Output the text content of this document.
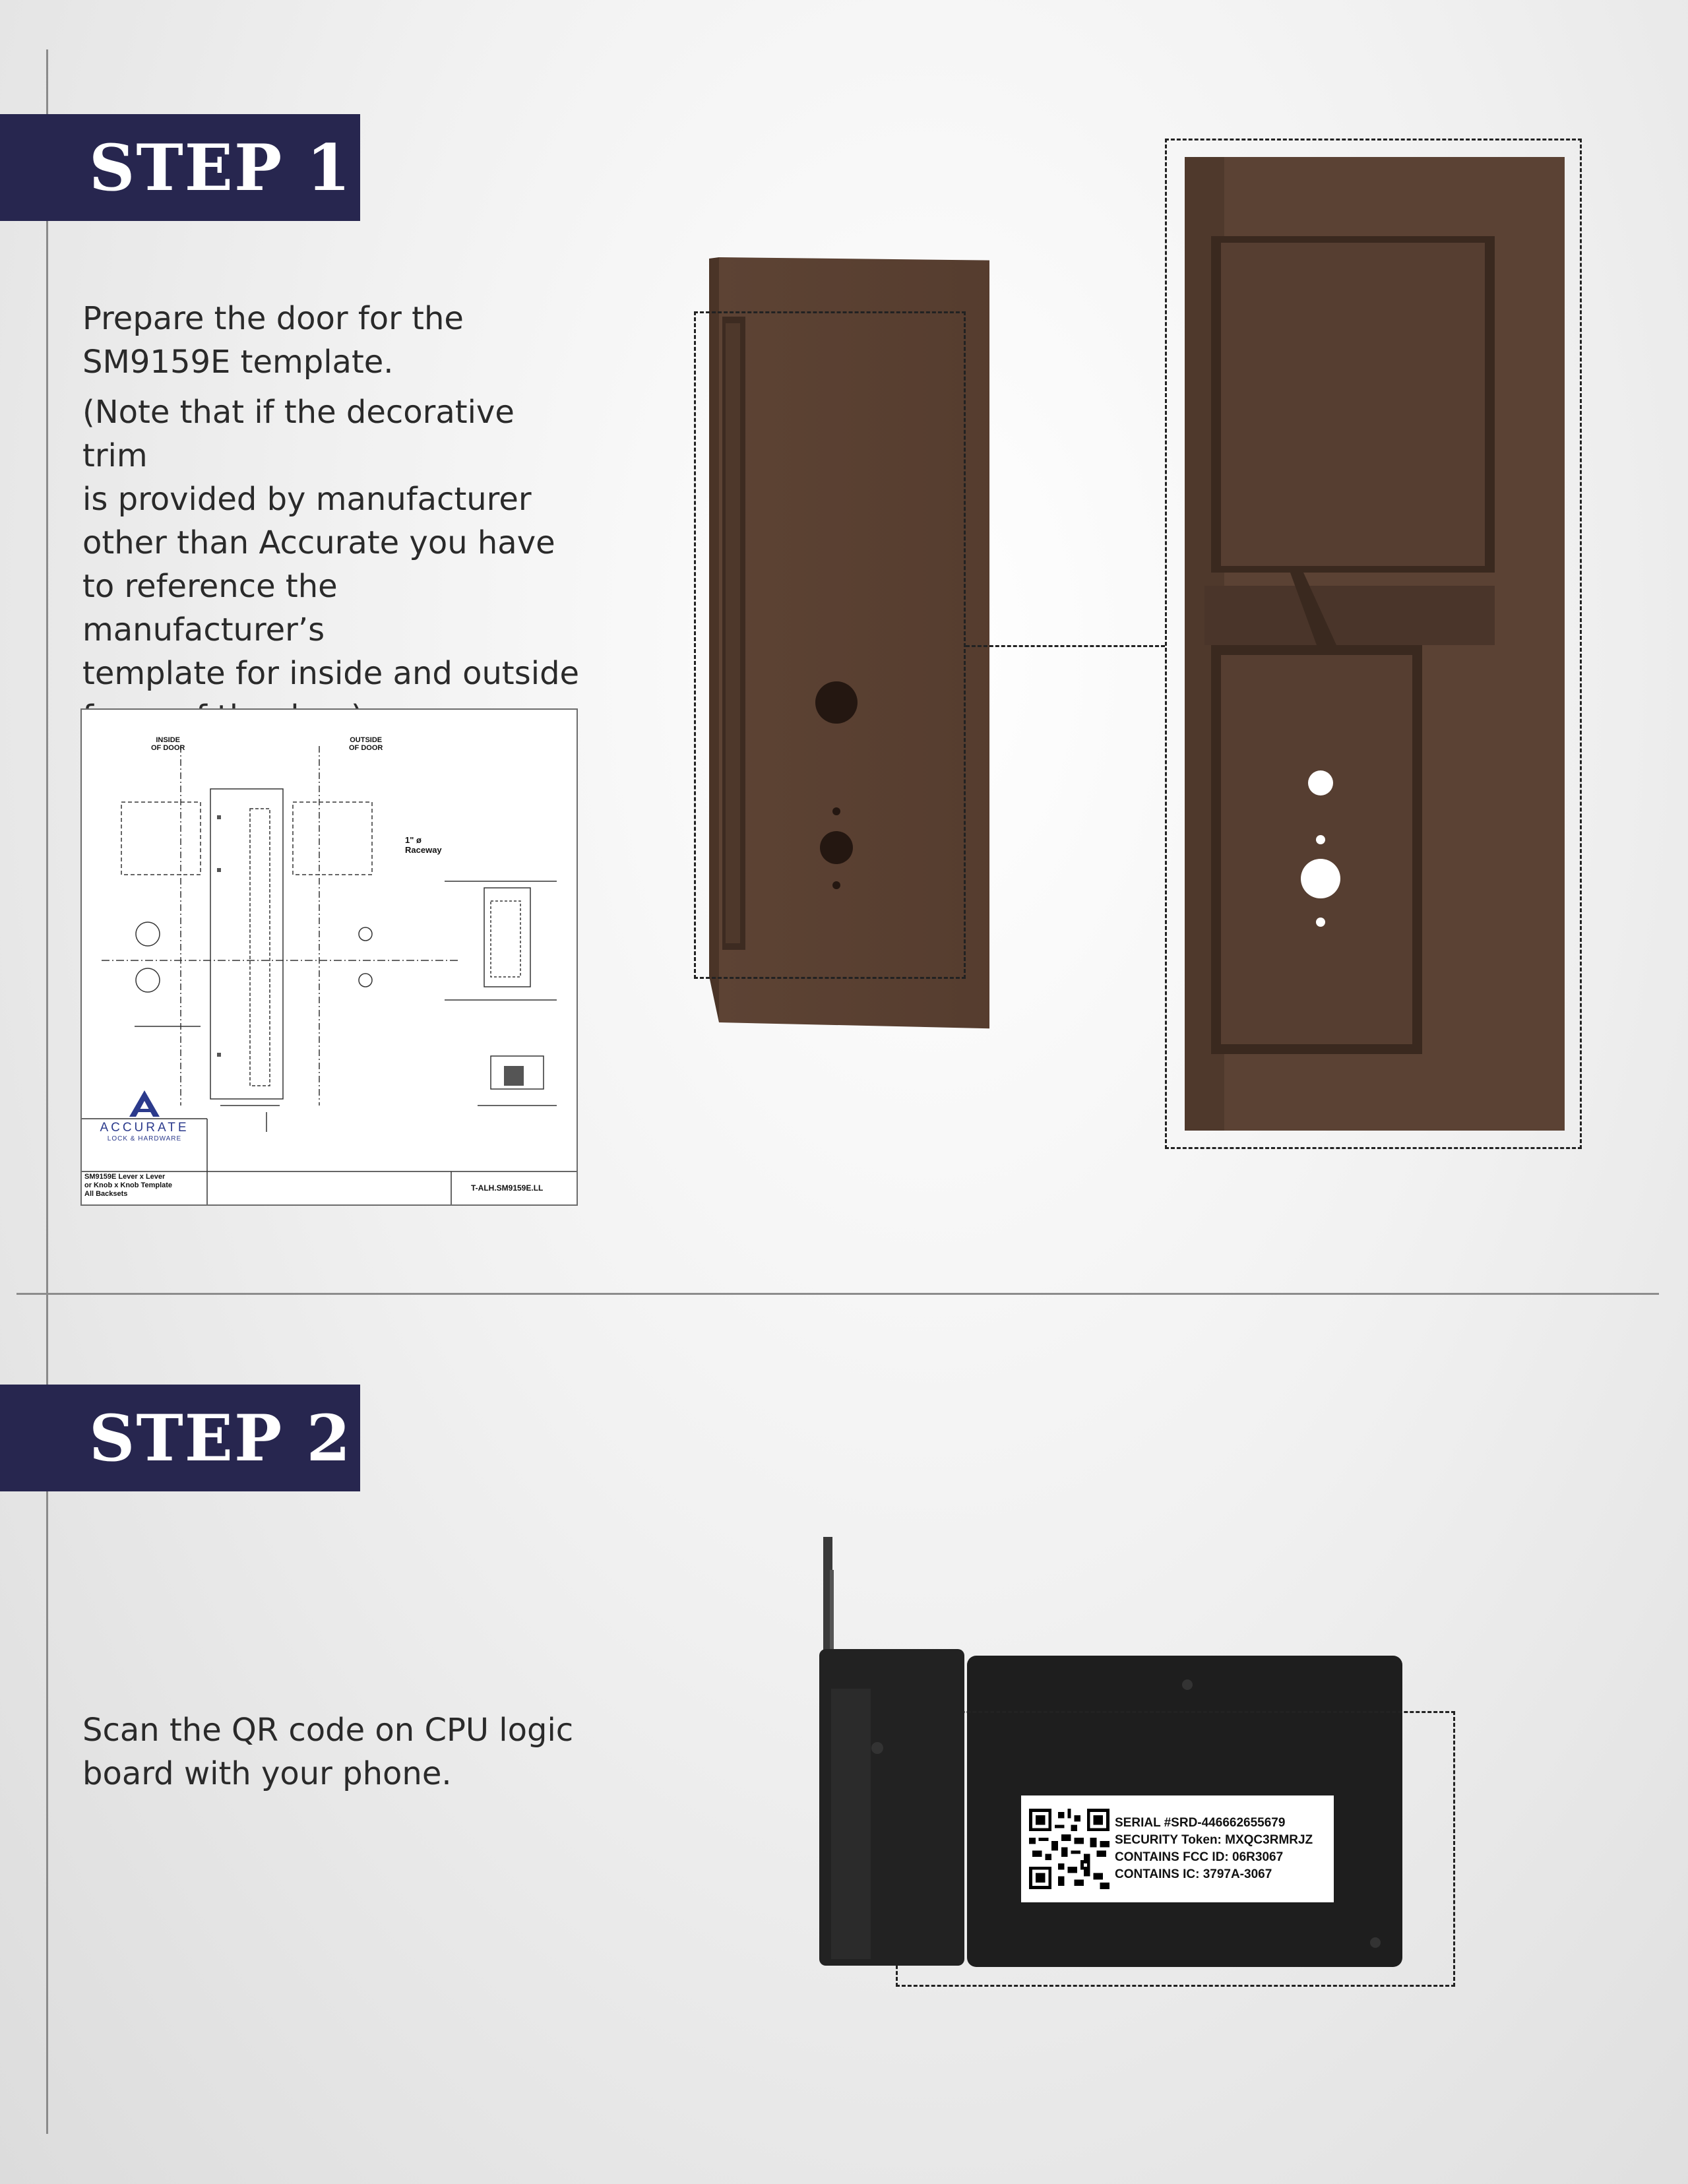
STEP 1

Prepare the door for the
SM9159E template.

(Note that if the decorative trim
is provided by manufacturer
other than Accurate you have
to reference the manufacturer’s
template for inside and outside

INSIDE
OF DOOR
OUTSIDE
OF DOOR
1" ø
Raceway
ACCURATE
LOCK & HARDWARE
SM9159E Lever x Lever
or Knob x Knob Template
All Backsets
T-ALH.SM9159E.LL
STEP 2

Scan the QR code on CPU logic
board with your phone.

SERIAL #SRD-446662655679
SECURITY Token: MXQC3RMRJZ
CONTAINS FCC ID: 06R3067
CONTAINS IC: 3797A-3067
